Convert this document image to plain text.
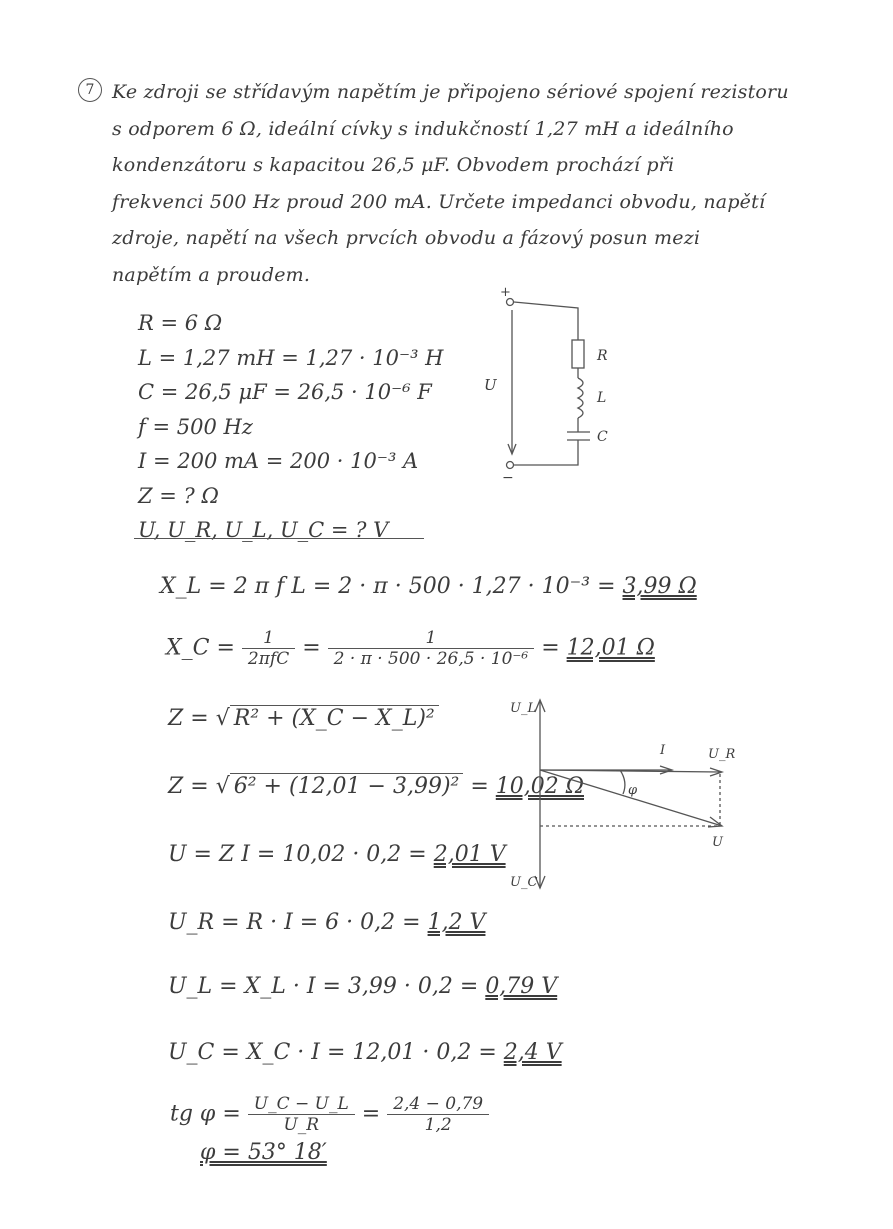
7 Ke zdroji se střídavým napětím je připojeno sériové spojení rezistoru
s odporem 6 Ω, ideální cívky s indukčností 1,27 mH a ideálního
kondenzátoru s kapacitou 26,5 μF. Obvodem prochází při
frekvenci 500 Hz proud 200 mA. Určete impedanci obvodu, napětí
zdroje, napětí na všech prvcích obvodu a fázový posun mezi
napětím a proudem.
R = 6 Ω
L = 1,27 mH = 1,27 · 10⁻³ H
C = 26,5 μF = 26,5 · 10⁻⁶ F
f = 500 Hz
I = 200 mA = 200 · 10⁻³ A
Z = ? Ω
U, U_R, U_L, U_C = ? V
+
−
U
R
L
C
X_L = 2 π f L = 2 · π · 500 · 1,27 · 10⁻³ = 3,99 Ω
X_C = $\frac{1}{\text{2πfC}} = \frac{1}{\text{2 · π · 500 · 26,5 · 10⁻⁶}} = 12,01$ Ω
Z = √ R² + (X_C − X_L)²
Z = √ 6² + (12,01 − 3,99)² = 10,02 Ω
U = Z I = 10,02 · 0,2 = 2,01 V
U_R = R · I = 6 · 0,2 = 1,2 V
U_L = X_L · I = 3,99 · 0,2 = 0,79 V
U_C = X_C · I = 12,01 · 0,2 = 2,4 V
tg $\varphi = \frac{U\_C - U\_L}{U\_R} = \frac{2,4 - 0,79}{1,2}$
φ = 53° 18′
U_L
U_C
I	U_R
U
φ
